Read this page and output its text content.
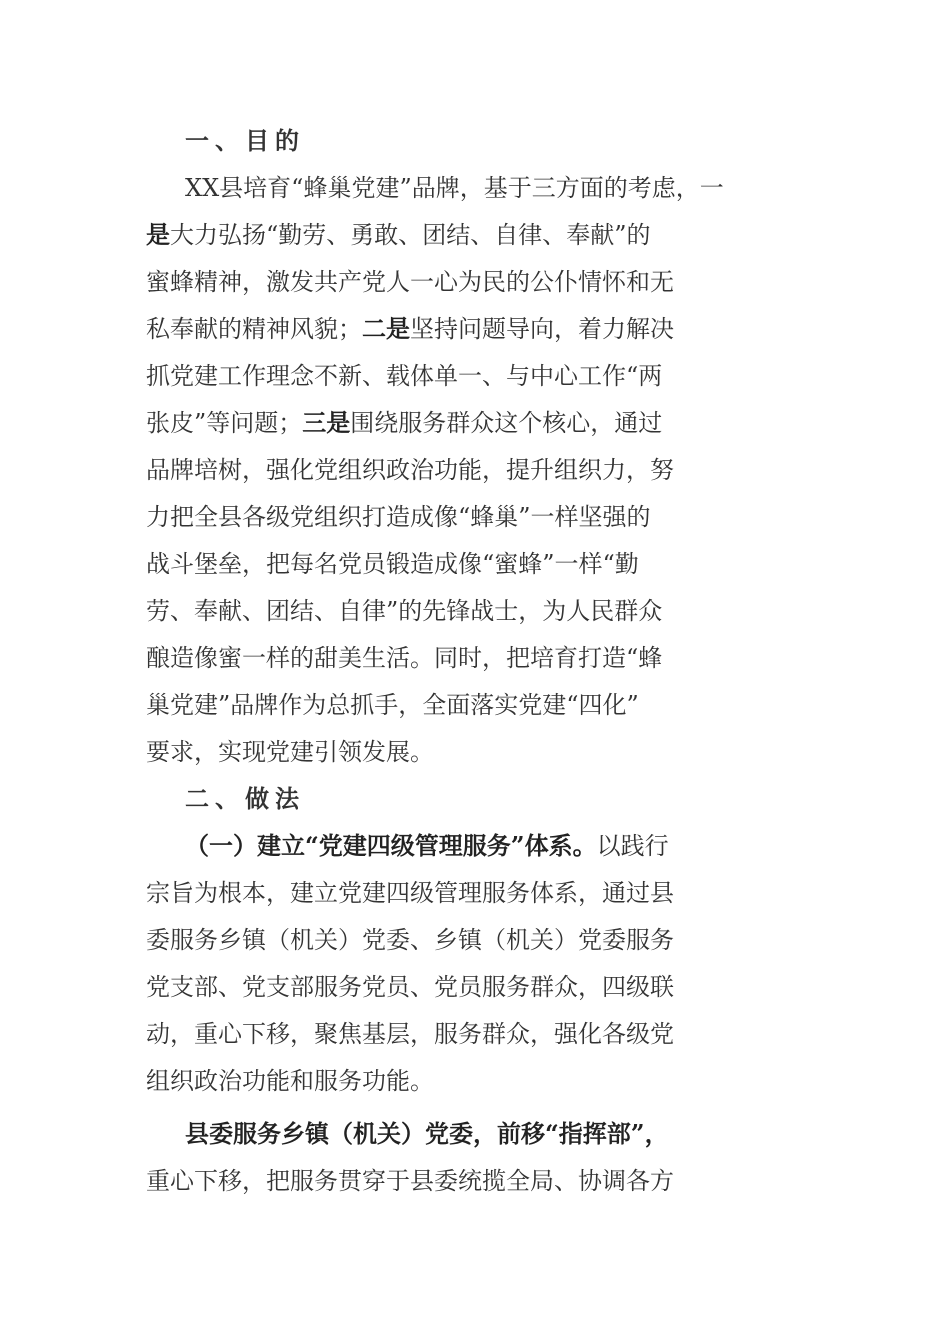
一、目的
XX县培育“蜂巢党建”品牌，基于三方面的考虑，一
是大力弘扬“勤劳、勇敢、团结、自律、奉献”的
蜜蜂精神，激发共产党人一心为民的公仆情怀和无
私奉献的精神风貌；二是坚持问题导向，着力解决
抓党建工作理念不新、载体单一、与中心工作“两
张皮”等问题；三是围绕服务群众这个核心，通过
品牌培树，强化党组织政治功能，提升组织力，努
力把全县各级党组织打造成像“蜂巢”一样坚强的
战斗堡垒，把每名党员锻造成像“蜜蜂”一样“勤
劳、奉献、团结、自律”的先锋战士，为人民群众
酿造像蜜一样的甜美生活。同时，把培育打造“蜂
巢党建”品牌作为总抓手，全面落实党建“四化”
要求，实现党建引领发展。
二、做法
（一）建立“党建四级管理服务”体系。以践行
宗旨为根本，建立党建四级管理服务体系，通过县
委服务乡镇（机关）党委、乡镇（机关）党委服务
党支部、党支部服务党员、党员服务群众，四级联
动，重心下移，聚焦基层，服务群众，强化各级党
组织政治功能和服务功能。
县委服务乡镇（机关）党委，前移“指挥部”，
重心下移，把服务贯穿于县委统揽全局、协调各方
